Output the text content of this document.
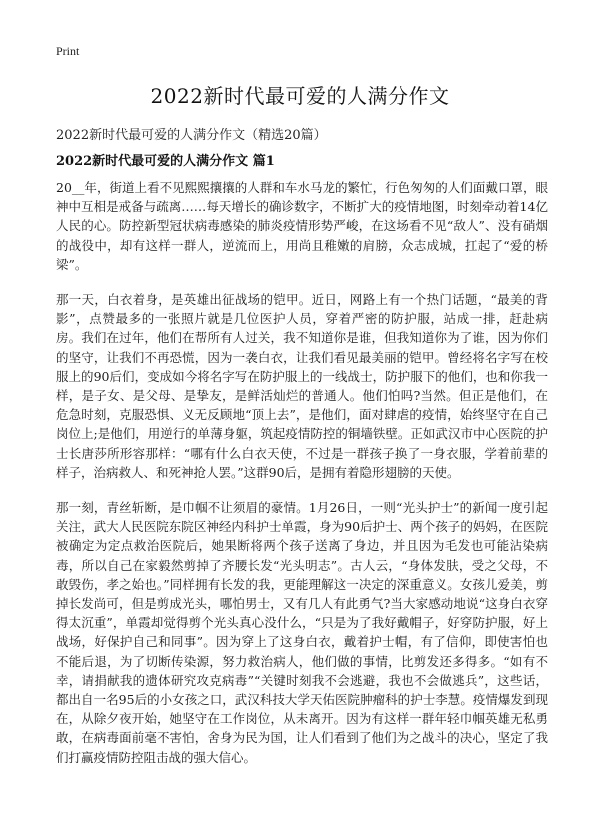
Print
2022新时代最可爱的人满分作文

2022新时代最可爱的人满分作文（精选20篇）

2022新时代最可爱的人满分作文 篇1

20__年，街道上看不见熙熙攘攘的人群和车水马龙的繁忙，行色匆匆的人们面戴口罩，眼神中互相是戒备与疏离……每天增长的确诊数字，不断扩大的疫情地图，时刻牵动着14亿人民的心。防控新型冠状病毒感染的肺炎疫情形势严峻，在这场看不见“敌人”、没有硝烟的战役中，却有这样一群人，逆流而上，用尚且稚嫩的肩膀，众志成城，扛起了“爱的桥梁”。

那一天，白衣着身，是英雄出征战场的铠甲。近日，网路上有一个热门话题，“最美的背影”，点赞最多的一张照片就是几位医护人员，穿着严密的防护服，站成一排，赶赴病房。我们在过年，他们在帮所有人过关，我不知道你是谁，但我知道你为了谁，因为你们的坚守，让我们不再恐慌，因为一袭白衣，让我们看见最美丽的铠甲。曾经将名字写在校服上的90后们，变成如今将名字写在防护服上的一线战士，防护服下的他们，也和你我一样，是子女、是父母、是挚友，是鲜活灿烂的普通人。他们怕吗?当然。但正是他们，在危急时刻，克服恐惧、义无反顾地“顶上去”，是他们，面对肆虐的疫情，始终坚守在自己岗位上;是他们，用逆行的单薄身躯，筑起疫情防控的铜墙铁壁。正如武汉市中心医院的护士长唐莎所形容那样：“哪有什么白衣天使，不过是一群孩子换了一身衣服，学着前辈的样子，治病救人、和死神抢人罢。”这群90后，是拥有着隐形翅膀的天使。

那一刻，青丝斩断，是巾帼不让须眉的豪情。1月26日，一则“光头护士”的新闻一度引起关注，武大人民医院东院区神经内科护士单霞，身为90后护士、两个孩子的妈妈，在医院被确定为定点救治医院后，她果断将两个孩子送离了身边，并且因为毛发也可能沾染病毒，所以自己在家毅然剪掉了齐腰长发“光头明志”。古人云，“身体发肤，受之父母，不敢毁伤，孝之始也。”同样拥有长发的我，更能理解这一决定的深重意义。女孩儿爱美，剪掉长发尚可，但是剪成光头，哪怕男士，又有几人有此勇气?当大家感动地说“这身白衣穿得太沉重”，单霞却觉得剪个光头真心没什么，“只是为了我好戴帽子，好穿防护服，好上战场，好保护自己和同事”。因为穿上了这身白衣，戴着护士帽，有了信仰，即使害怕也不能后退，为了切断传染源，努力救治病人，他们做的事情，比剪发还多得多。“如有不幸，请捐献我的遗体研究攻克病毒”“关键时刻我不会逃避，我也不会做逃兵”，这些话，都出自一名95后的小女孩之口，武汉科技大学天佑医院肿瘤科的护士李慧。疫情爆发到现在，从除夕夜开始，她坚守在工作岗位，从未离开。因为有这样一群年轻巾帼英雄无私勇敢，在病毒面前毫不害怕，舍身为民为国，让人们看到了他们为之战斗的决心，坚定了我们打赢疫情防控阻击战的强大信心。
